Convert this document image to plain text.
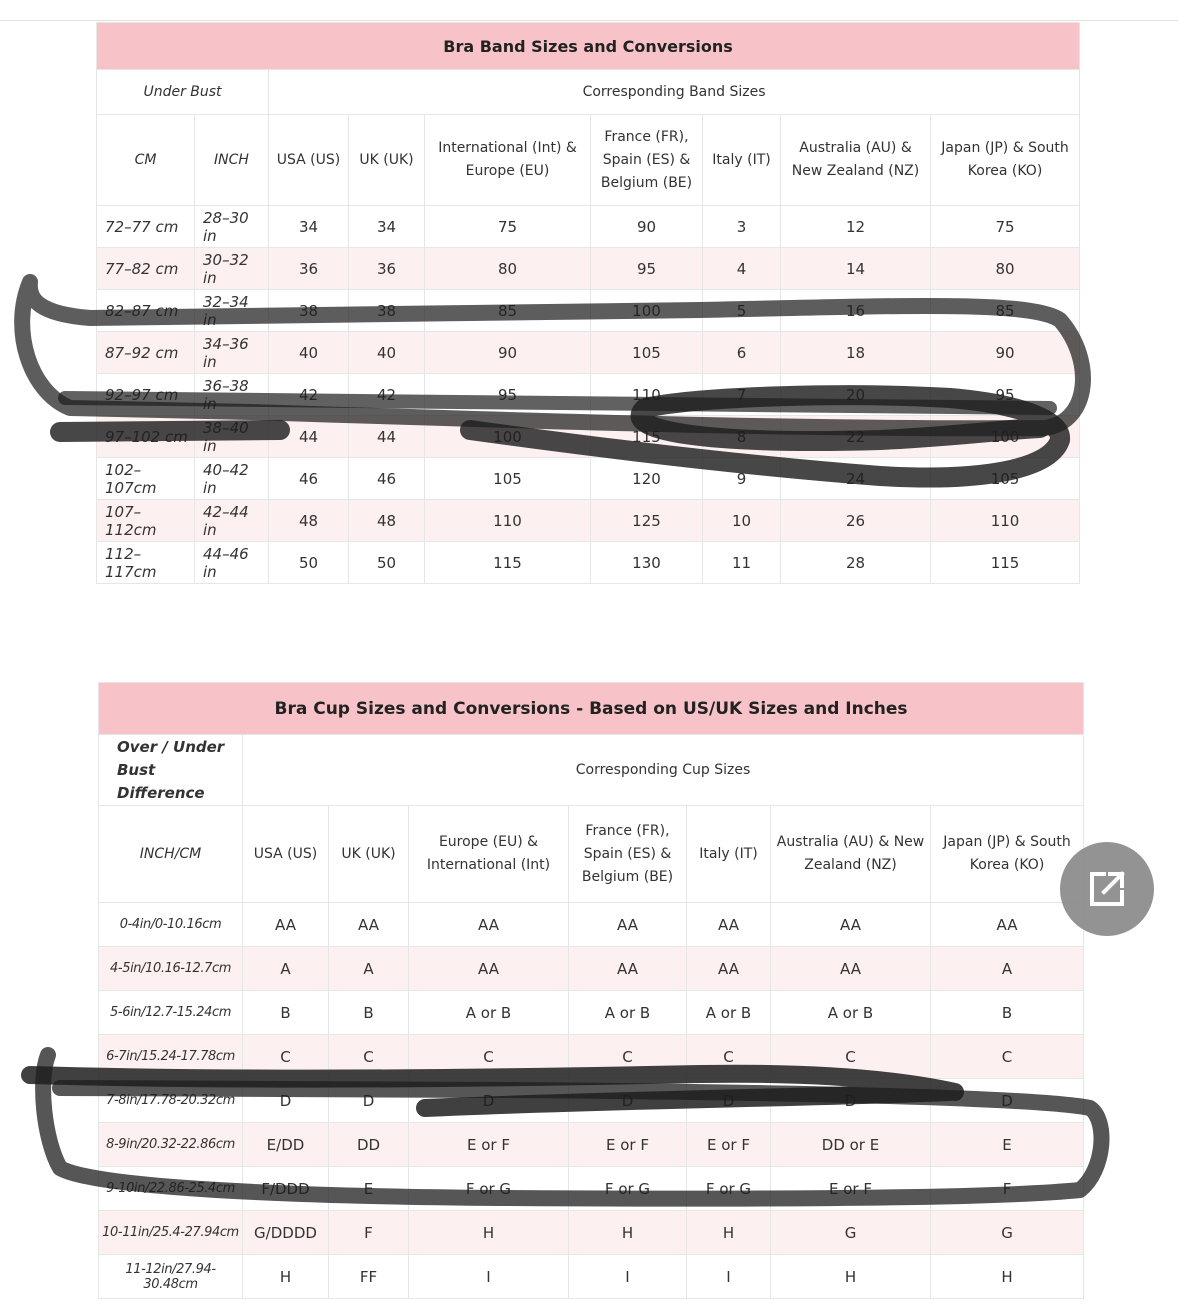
Bra Band Sizes and Conversions								
Under Bust		Corresponding Band Sizes						
CM	INCH	USA (US)	UK (UK)	International (Int) & Europe (EU)	France (FR), Spain (ES) & Belgium (BE)	Italy (IT)	Australia (AU) & New Zealand (NZ)	Japan (JP) & South Korea (KO)
72–77 cm	28–30 in	34	34	75	90	3	12	75
77–82 cm	30–32 in	36	36	80	95	4	14	80
82–87 cm	32–34 in	38	38	85	100	5	16	85
87–92 cm	34–36 in	40	40	90	105	6	18	90
92–97 cm	36–38 in	42	42	95	110	7	20	95
97–102 cm	38–40 in	44	44	100	115	8	22	100
102–107cm	40–42 in	46	46	105	120	9	24	105
107–112cm	42–44 in	48	48	110	125	10	26	110
112–117cm	44–46 in	50	50	115	130	11	28	115
Bra Cup Sizes and Conversions - Based on US/UK Sizes and Inches							
Over / Under Bust Difference	Corresponding Cup Sizes						
INCH/CM	USA (US)	UK (UK)	Europe (EU) & International (Int)	France (FR), Spain (ES) & Belgium (BE)	Italy (IT)	Australia (AU) & New Zealand (NZ)	Japan (JP) & South Korea (KO)
0-4in/0-10.16cm	AA	AA	AA	AA	AA	AA	AA
4-5in/10.16-12.7cm	A	A	AA	AA	AA	AA	A
5-6in/12.7-15.24cm	B	B	A or B	A or B	A or B	A or B	B
6-7in/15.24-17.78cm	C	C	C	C	C	C	C
7-8in/17.78-20.32cm	D	D	D	D	D	D	D
8-9in/20.32-22.86cm	E/DD	DD	E or F	E or F	E or F	DD or E	E
9-10in/22.86-25.4cm	F/DDD	E	F or G	F or G	F or G	E or F	F
10-11in/25.4-27.94cm	G/DDDD	F	H	H	H	G	G
11-12in/27.94-30.48cm	H	FF	I	I	I	H	H
